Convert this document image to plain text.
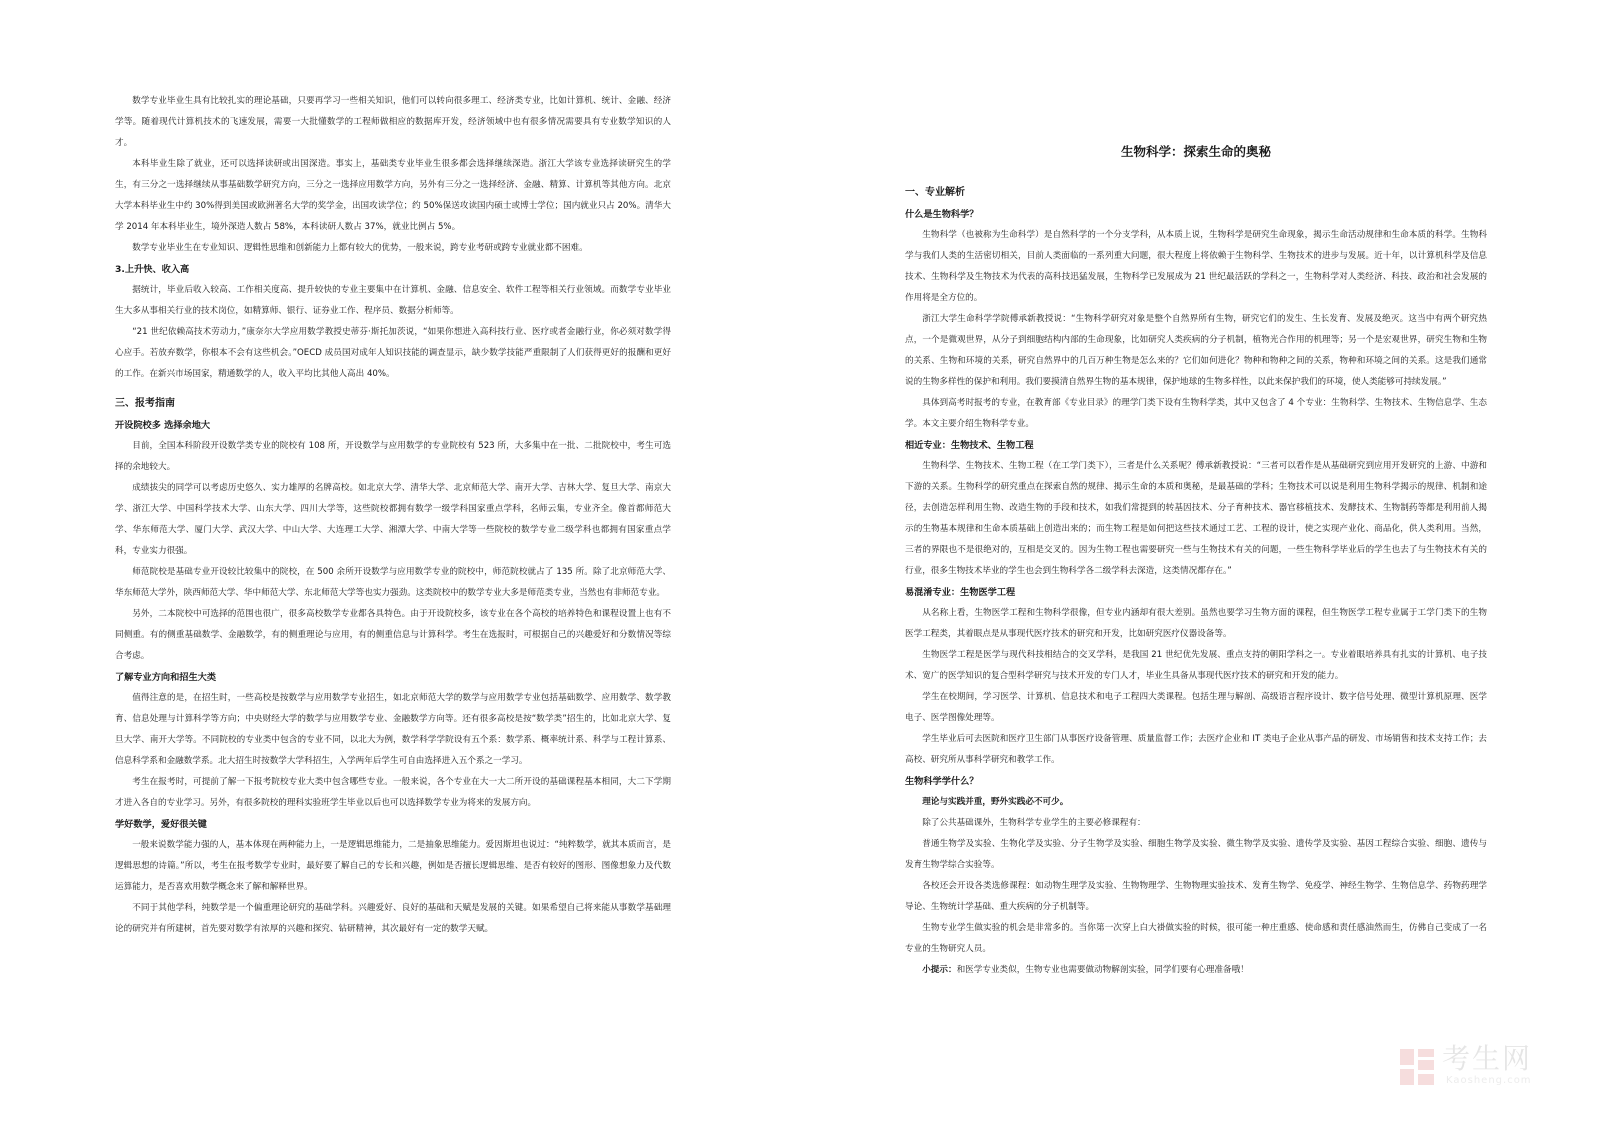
数学专业毕业生具有比较扎实的理论基础，只要再学习一些相关知识，他们可以转向很多理工、经济类专业，比如计算机、统计、金融、经济学等。随着现代计算机技术的飞速发展，需要一大批懂数学的工程师做相应的数据库开发，经济领域中也有很多情况需要具有专业数学知识的人才。

本科毕业生除了就业，还可以选择读研或出国深造。事实上，基础类专业毕业生很多都会选择继续深造。浙江大学该专业选择读研究生的学生，有三分之一选择继续从事基础数学研究方向，三分之一选择应用数学方向，另外有三分之一选择经济、金融、精算、计算机等其他方向。北京大学本科毕业生中约 30%得到美国或欧洲著名大学的奖学金，出国攻读学位；约 50%保送攻读国内硕士或博士学位；国内就业只占 20%。清华大学 2014 年本科毕业生，境外深造人数占 58%，本科读研人数占 37%，就业比例占 5%。

数学专业毕业生在专业知识、逻辑性思维和创新能力上都有较大的优势，一般来说，跨专业考研或跨专业就业都不困难。

3.上升快、收入高

据统计，毕业后收入较高、工作相关度高、提升较快的专业主要集中在计算机、金融、信息安全、软件工程等相关行业领域。而数学专业毕业生大多从事相关行业的技术岗位，如精算师、银行、证券业工作、程序员、数据分析师等。

“21 世纪依赖高技术劳动力，”康奈尔大学应用数学教授史蒂芬·斯托加茨说，“如果你想进入高科技行业、医疗或者金融行业，你必须对数学得心应手。若放弃数学，你根本不会有这些机会。”OECD 成员国对成年人知识技能的调查显示，缺少数学技能严重限制了人们获得更好的报酬和更好的工作。在新兴市场国家，精通数学的人，收入平均比其他人高出 40%。

三、报考指南
开设院校多 选择余地大

目前，全国本科阶段开设数学类专业的院校有 108 所，开设数学与应用数学的专业院校有 523 所，大多集中在一批、二批院校中，考生可选择的余地较大。

成绩拔尖的同学可以考虑历史悠久、实力雄厚的名牌高校。如北京大学、清华大学、北京师范大学、南开大学、吉林大学、复旦大学、南京大学、浙江大学、中国科学技术大学、山东大学、四川大学等，这些院校都拥有数学一级学科国家重点学科，名师云集，专业齐全。像首都师范大学、华东师范大学、厦门大学、武汉大学、中山大学、大连理工大学、湘潭大学、中南大学等一些院校的数学专业二级学科也都拥有国家重点学科，专业实力很强。

师范院校是基础专业开设较比较集中的院校，在 500 余所开设数学与应用数学专业的院校中，师范院校就占了 135 所。除了北京师范大学、华东师范大学外，陕西师范大学、华中师范大学、东北师范大学等也实力强劲。这类院校中的数学专业大多是师范类专业，当然也有非师范专业。

另外，二本院校中可选择的范围也很广，很多高校数学专业都各具特色。由于开设院校多，该专业在各个高校的培养特色和课程设置上也有不同侧重。有的侧重基础数学、金融数学，有的侧重理论与应用，有的侧重信息与计算科学。考生在选报时，可根据自己的兴趣爱好和分数情况等综合考虑。

了解专业方向和招生大类

值得注意的是，在招生时，一些高校是按数学与应用数学专业招生，如北京师范大学的数学与应用数学专业包括基础数学、应用数学、数学教育、信息处理与计算科学等方向；中央财经大学的数学与应用数学专业、金融数学方向等。还有很多高校是按“数学类”招生的，比如北京大学、复旦大学、南开大学等。不同院校的专业类中包含的专业不同，以北大为例，数学科学学院设有五个系：数学系、概率统计系、科学与工程计算系、信息科学系和金融数学系。北大招生时按数学大学科招生，入学两年后学生可自由选择进入五个系之一学习。

考生在报考时，可提前了解一下报考院校专业大类中包含哪些专业。一般来说，各个专业在大一大二所开设的基础课程基本相同，大二下学期才进入各自的专业学习。另外，有很多院校的理科实验班学生毕业以后也可以选择数学专业为将来的发展方向。

学好数学，爱好很关键

一般来说数学能力强的人，基本体现在两种能力上，一是逻辑思维能力，二是抽象思维能力。爱因斯坦也说过：“纯粹数学，就其本质而言，是逻辑思想的诗篇。”所以，考生在报考数学专业时，最好要了解自己的专长和兴趣，例如是否擅长逻辑思维、是否有较好的图形、图像想象力及代数运算能力，是否喜欢用数学概念来了解和解释世界。

不同于其他学科，纯数学是一个偏重理论研究的基础学科。兴趣爱好、良好的基础和天赋是发展的关键。如果希望自己将来能从事数学基础理论的研究并有所建树，首先要对数学有浓厚的兴趣和探究、钻研精神，其次最好有一定的数学天赋。

生物科学：探索生命的奥秘
一、专业解析
什么是生物科学？

生物科学（也被称为生命科学）是自然科学的一个分支学科，从本质上说，生物科学是研究生命现象，揭示生命活动规律和生命本质的科学。生物科学与我们人类的生活密切相关，目前人类面临的一系列重大问题，很大程度上将依赖于生物科学、生物技术的进步与发展。近十年，以计算机科学及信息技术、生物科学及生物技术为代表的高科技迅猛发展，生物科学已发展成为 21 世纪最活跃的学科之一，生物科学对人类经济、科技、政治和社会发展的作用将是全方位的。

浙江大学生命科学学院傅承新教授说：“生物科学研究对象是整个自然界所有生物，研究它们的发生、生长发育、发展及绝灭。这当中有两个研究热点，一个是微观世界，从分子到细胞结构内部的生命现象，比如研究人类疾病的分子机制，植物光合作用的机理等；另一个是宏观世界，研究生物和生物的关系、生物和环境的关系，研究自然界中的几百万种生物是怎么来的？它们如何进化？物种和物种之间的关系，物种和环境之间的关系。这是我们通常说的生物多样性的保护和利用。我们要摸清自然界生物的基本规律，保护地球的生物多样性，以此来保护我们的环境，使人类能够可持续发展。”

具体到高考时报考的专业，在教育部《专业目录》的理学门类下设有生物科学类，其中又包含了 4 个专业：生物科学、生物技术、生物信息学、生态学。本文主要介绍生物科学专业。

相近专业：生物技术、生物工程

生物科学、生物技术、生物工程（在工学门类下），三者是什么关系呢？傅承新教授说：“三者可以看作是从基础研究到应用开发研究的上游、中游和下游的关系。生物科学的研究重点在探索自然的规律、揭示生命的本质和奥秘，是最基础的学科；生物技术可以说是利用生物科学揭示的规律、机制和途径，去创造怎样利用生物、改造生物的手段和技术，如我们常提到的转基因技术、分子育种技术、器官移植技术、发酵技术、生物制药等都是利用前人揭示的生物基本规律和生命本质基础上创造出来的；而生物工程是如何把这些技术通过工艺、工程的设计，使之实现产业化、商品化，供人类利用。当然，三者的界限也不是很绝对的，互相是交叉的。因为生物工程也需要研究一些与生物技术有关的问题，一些生物科学毕业后的学生也去了与生物技术有关的行业，很多生物技术毕业的学生也会到生物科学各二级学科去深造，这类情况都存在。”

易混淆专业：生物医学工程

从名称上看，生物医学工程和生物科学很像，但专业内涵却有很大差别。虽然也要学习生物方面的课程，但生物医学工程专业属于工学门类下的生物医学工程类，其着眼点是从事现代医疗技术的研究和开发，比如研究医疗仪器设备等。

生物医学工程是医学与现代科技相结合的交叉学科，是我国 21 世纪优先发展、重点支持的朝阳学科之一。专业着眼培养具有扎实的计算机、电子技术、宽广的医学知识的复合型科学研究与技术开发的专门人才，毕业生具备从事现代医疗技术的研究和开发的能力。

学生在校期间，学习医学、计算机、信息技术和电子工程四大类课程。包括生理与解剖、高级语言程序设计、数字信号处理、微型计算机原理、医学电子、医学图像处理等。

学生毕业后可去医院和医疗卫生部门从事医疗设备管理、质量监督工作；去医疗企业和 IT 类电子企业从事产品的研发、市场销售和技术支持工作；去高校、研究所从事科学研究和教学工作。

生物科学学什么？

理论与实践并重，野外实践必不可少。

除了公共基础课外，生物科学专业学生的主要必修课程有：

普通生物学及实验、生物化学及实验、分子生物学及实验、细胞生物学及实验、微生物学及实验、遗传学及实验、基因工程综合实验、细胞、遗传与发育生物学综合实验等。

各校还会开设各类选修课程：如动物生理学及实验、生物物理学、生物物理实验技术、发育生物学、免疫学、神经生物学、生物信息学、药物药理学导论、生物统计学基础、重大疾病的分子机制等。

生物专业学生做实验的机会是非常多的。当你第一次穿上白大褂做实验的时候，很可能一种庄重感、使命感和责任感油然而生，仿佛自己变成了一名专业的生物研究人员。

小提示：和医学专业类似，生物专业也需要做动物解剖实验，同学们要有心理准备哦！

考生网
Kaosheng.com
